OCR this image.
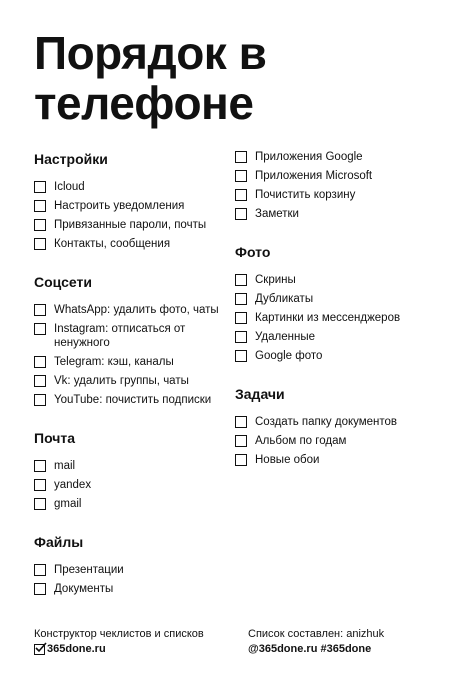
Порядок в
телефоне
Настройки
Icloud
Настроить уведомления
Привязанные пароли, почты
Контакты, сообщения
Соцсети
WhatsApp: удалить фото, чаты
Instagram: отписаться от ненужного
Telegram: кэш, каналы
Vk: удалить группы, чаты
YouTube: почистить подписки
Почта
mail
yandex
gmail
Файлы
Презентации
Документы
Приложения Google
Приложения Microsoft
Почистить корзину
Заметки
Фото
Скрины
Дубликаты
Картинки из мессенджеров
Удаленные
Google фото
Задачи
Создать папку документов
Альбом по годам
Новые обои
Конструктор чеклистов и списков
365done.ru
Список составлен: anizhuk
@365done.ru #365done
